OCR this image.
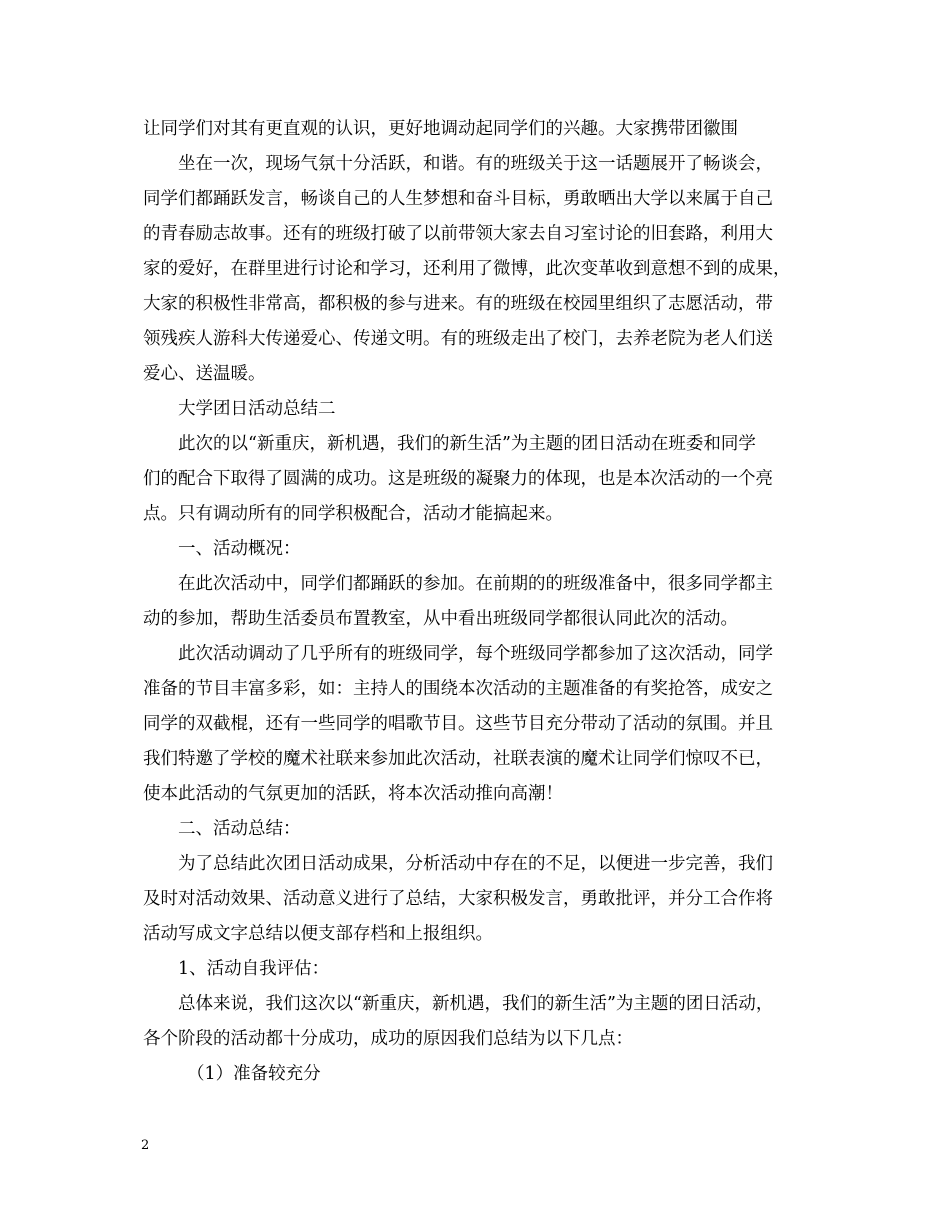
让同学们对其有更直观的认识，更好地调动起同学们的兴趣。大家携带团徽围
坐在一次，现场气氛十分活跃，和谐。有的班级关于这一话题展开了畅谈会，
同学们都踊跃发言，畅谈自己的人生梦想和奋斗目标，勇敢晒出大学以来属于自己
的青春励志故事。还有的班级打破了以前带领大家去自习室讨论的旧套路，利用大
家的爱好，在群里进行讨论和学习，还利用了微博，此次变革收到意想不到的成果，
大家的积极性非常高，都积极的参与进来。有的班级在校园里组织了志愿活动，带
领残疾人游科大传递爱心、传递文明。有的班级走出了校门，去养老院为老人们送
爱心、送温暖。
大学团日活动总结二
此次的以“新重庆，新机遇，我们的新生活”为主题的团日活动在班委和同学
们的配合下取得了圆满的成功。这是班级的凝聚力的体现，也是本次活动的一个亮
点。只有调动所有的同学积极配合，活动才能搞起来。
一、活动概况：
在此次活动中，同学们都踊跃的参加。在前期的的班级准备中，很多同学都主
动的参加，帮助生活委员布置教室，从中看出班级同学都很认同此次的活动。
此次活动调动了几乎所有的班级同学，每个班级同学都参加了这次活动，同学
准备的节目丰富多彩，如：主持人的围绕本次活动的主题准备的有奖抢答，成安之
同学的双截棍，还有一些同学的唱歌节目。这些节目充分带动了活动的氛围。并且
我们特邀了学校的魔术社联来参加此次活动，社联表演的魔术让同学们惊叹不已，
使本此活动的气氛更加的活跃，将本次活动推向高潮！
二、活动总结：
为了总结此次团日活动成果，分析活动中存在的不足，以便进一步完善，我们
及时对活动效果、活动意义进行了总结，大家积极发言，勇敢批评，并分工合作将
活动写成文字总结以便支部存档和上报组织。
1、活动自我评估：
总体来说，我们这次以“新重庆，新机遇，我们的新生活”为主题的团日活动，
各个阶段的活动都十分成功，成功的原因我们总结为以下几点：
（1）准备较充分
2
